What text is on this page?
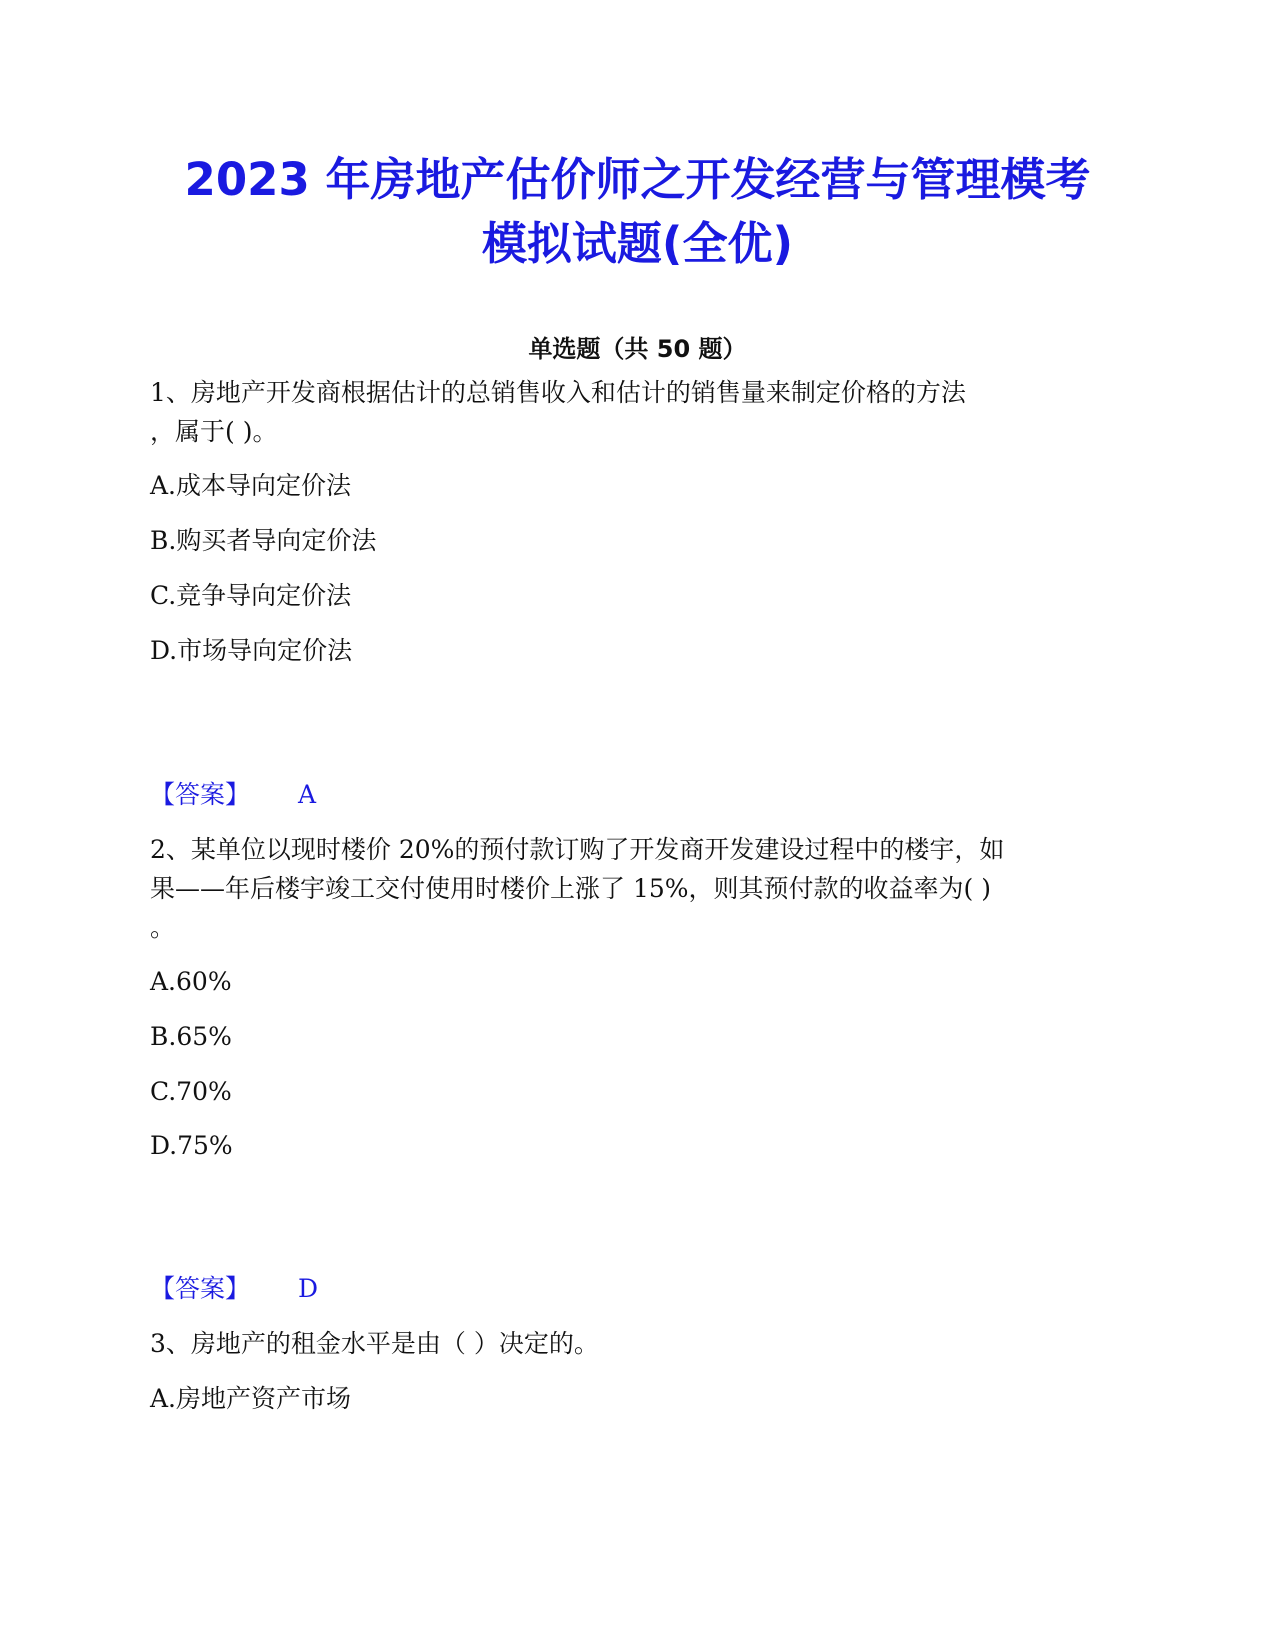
2023 年房地产估价师之开发经营与管理模考
模拟试题(全优)
单选题（共 50 题）
1、房地产开发商根据估计的总销售收入和估计的销售量来制定价格的方法
，属于( )。
A.成本导向定价法
B.购买者导向定价法
C.竞争导向定价法
D.市场导向定价法
【答案】 A
2、某单位以现时楼价 20%的预付款订购了开发商开发建设过程中的楼宇，如
果——年后楼宇竣工交付使用时楼价上涨了 15%，则其预付款的收益率为( )
。
A.60%
B.65%
C.70%
D.75%
【答案】 D
3、房地产的租金水平是由（ ）决定的。
A.房地产资产市场
